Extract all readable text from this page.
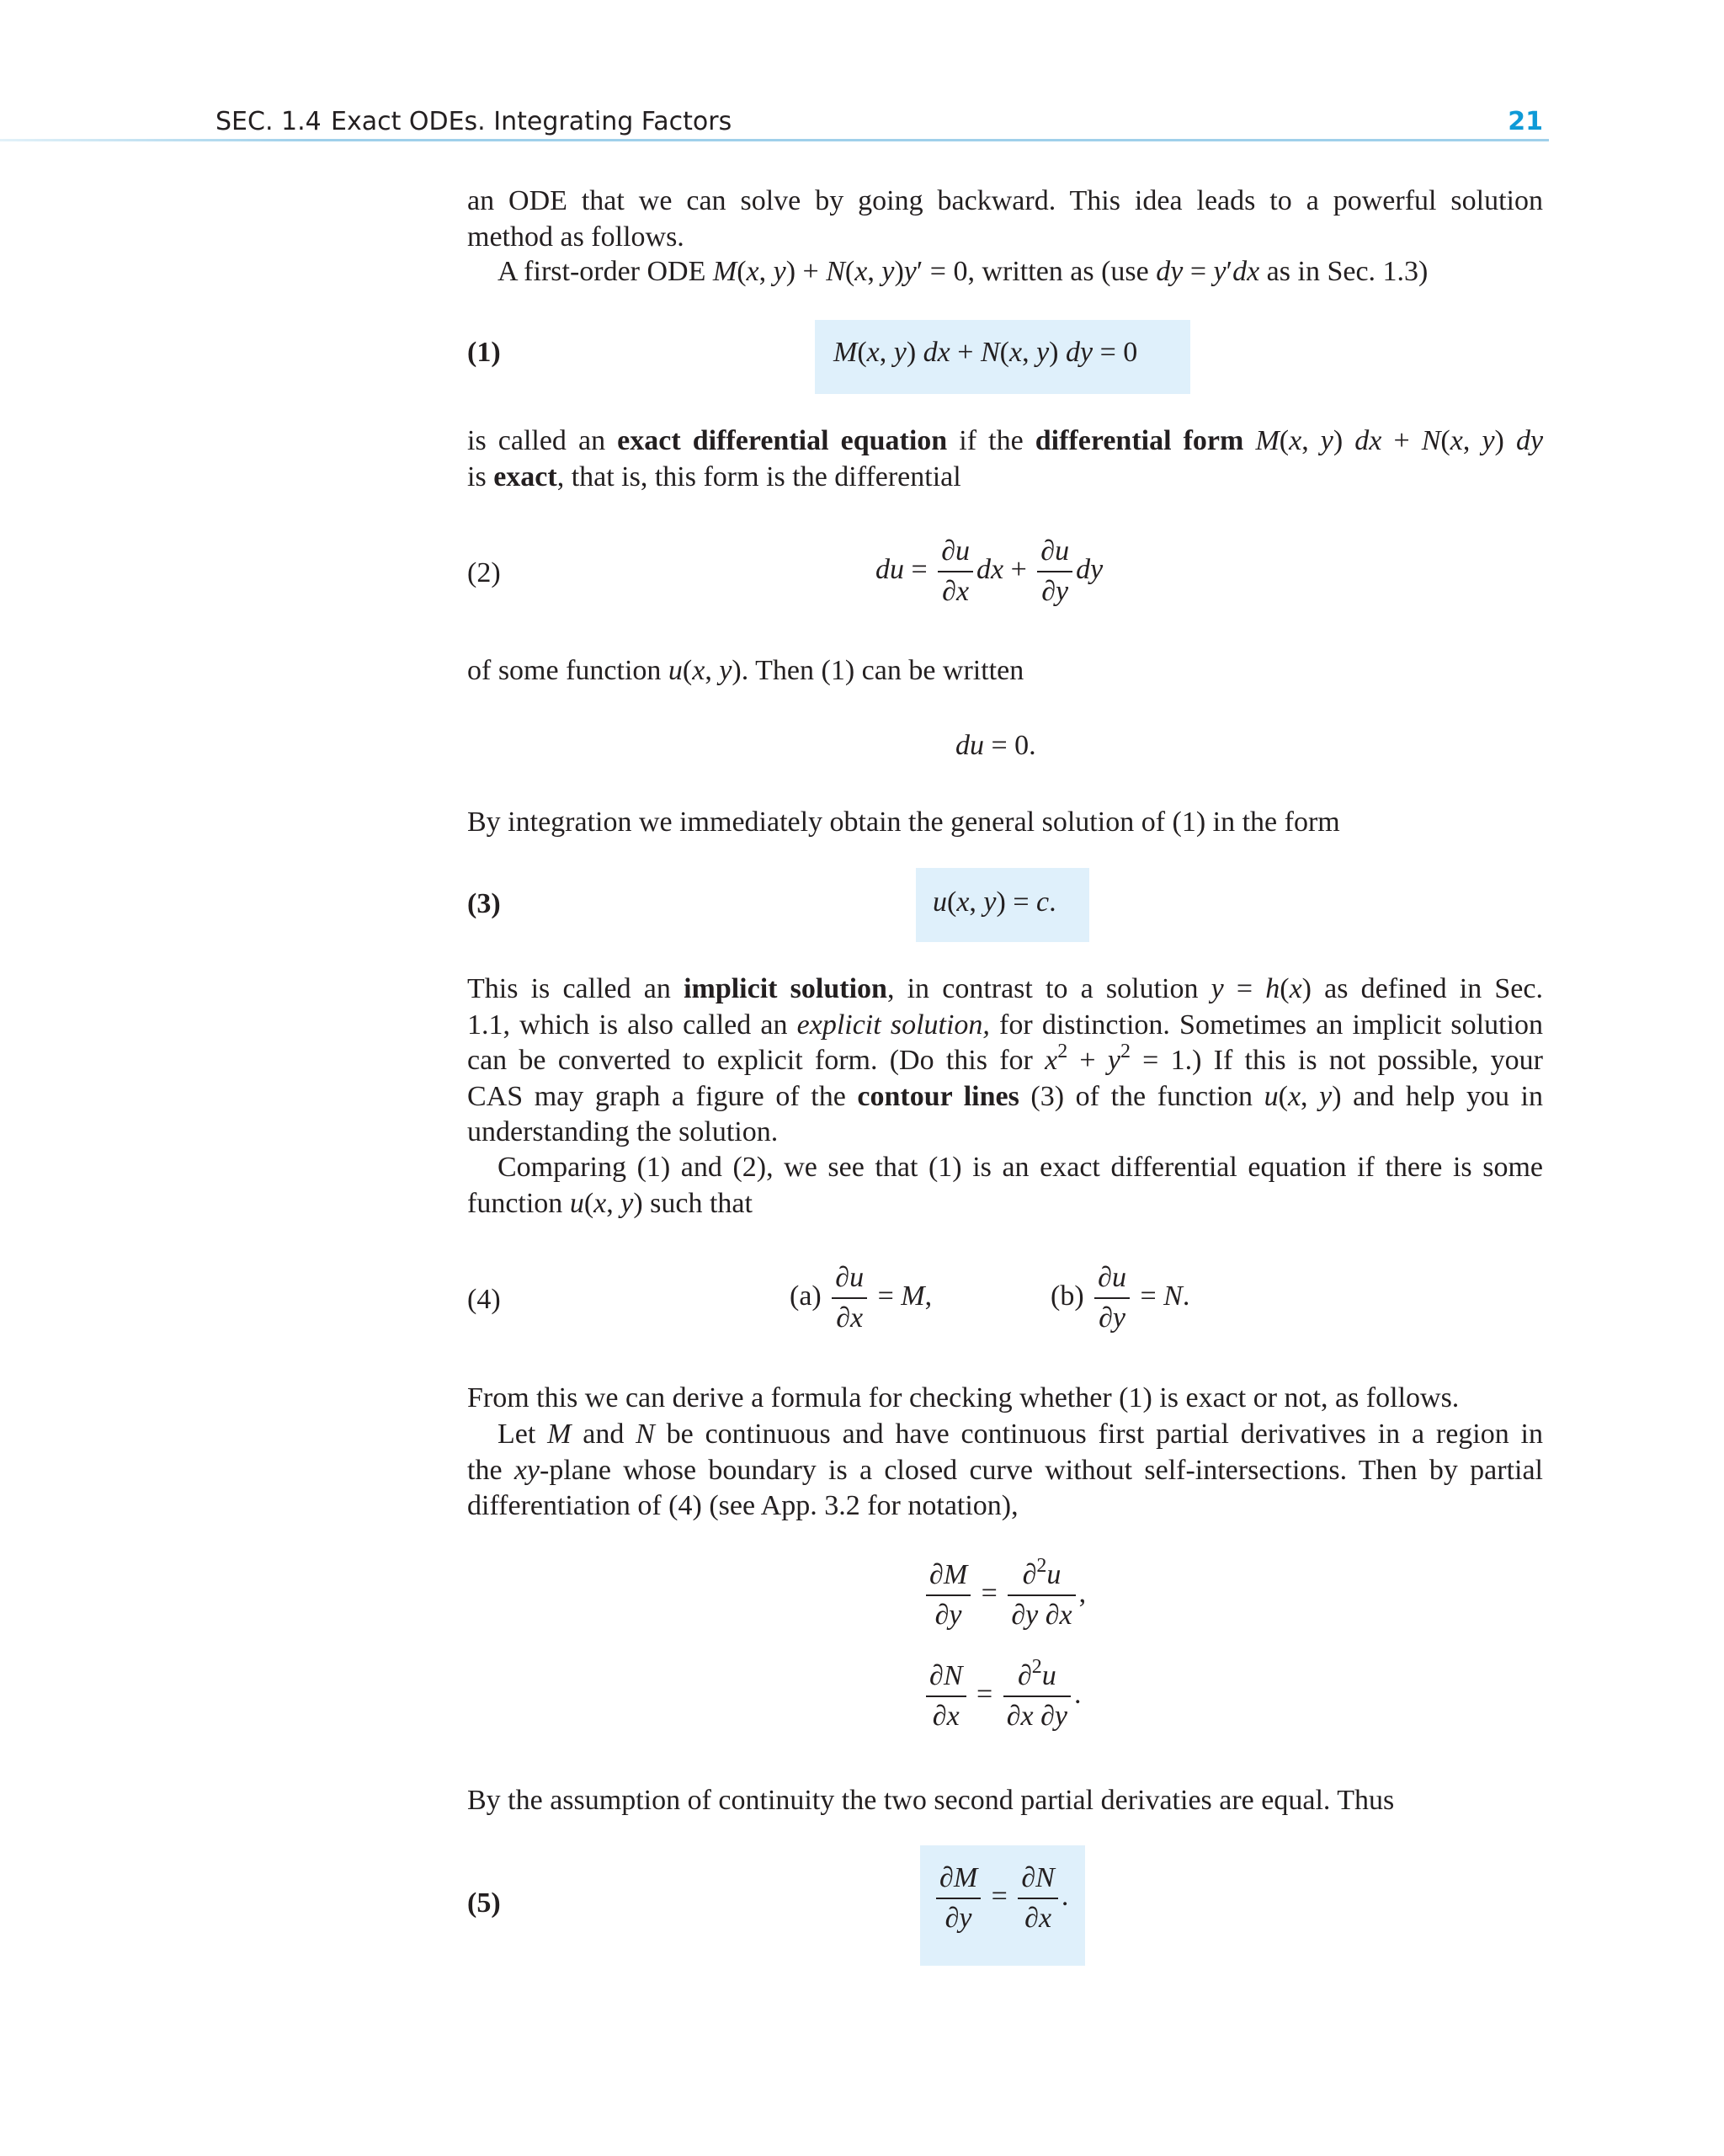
SEC. 1.4 Exact ODEs. Integrating Factors	21
an ODE that we can solve by going backward. This idea leads to a powerful solution
method as follows.
A first-order ODE M(x, y) + N(x, y)y′ = 0, written as (use dy = y′dx as in Sec. 1.3)
(1)	M(x, y) dx + N(x, y) dy = 0
is called an exact differential equation if the differential form M(x, y) dx + N(x, y) dy
is exact, that is, this form is the differential
(2)	du = $\frac{\partial u}{\partial x}$ dx + $\frac{\partial u}{\partial y}$ dy
of some function u(x, y). Then (1) can be written
du = 0.
By integration we immediately obtain the general solution of (1) in the form
(3)	u(x, y) = c.
This is called an implicit solution, in contrast to a solution y = h(x) as defined in Sec.
1.1, which is also called an explicit solution, for distinction. Sometimes an implicit solution
can be converted to explicit form. (Do this for $x^2 + y^2 = 1$.) If this is not possible, your
CAS may graph a figure of the contour lines (3) of the function u(x, y) and help you in
understanding the solution.
Comparing (1) and (2), we see that (1) is an exact differential equation if there is some
function u(x, y) such that
(4)	$(a) \frac{\partial u}{\partial x} = M$,	$(b) \frac{\partial u}{\partial y} = N$.
From this we can derive a formula for checking whether (1) is exact or not, as follows.
Let M and N be continuous and have continuous first partial derivatives in a region in
the xy-plane whose boundary is a closed curve without self-intersections. Then by partial
differentiation of (4) (see App. 3.2 for notation),
$\frac{\partial M}{\partial y} = \frac{\partial^2u}{\partial y \partial x}$ ,
$\frac{\partial N}{\partial x} = \frac{\partial^2u}{\partial x \partial y}$ .
By the assumption of continuity the two second partial derivaties are equal. Thus
(5)	$\frac{\partial M}{\partial y} = \frac{\partial N}{\partial x}$ .
